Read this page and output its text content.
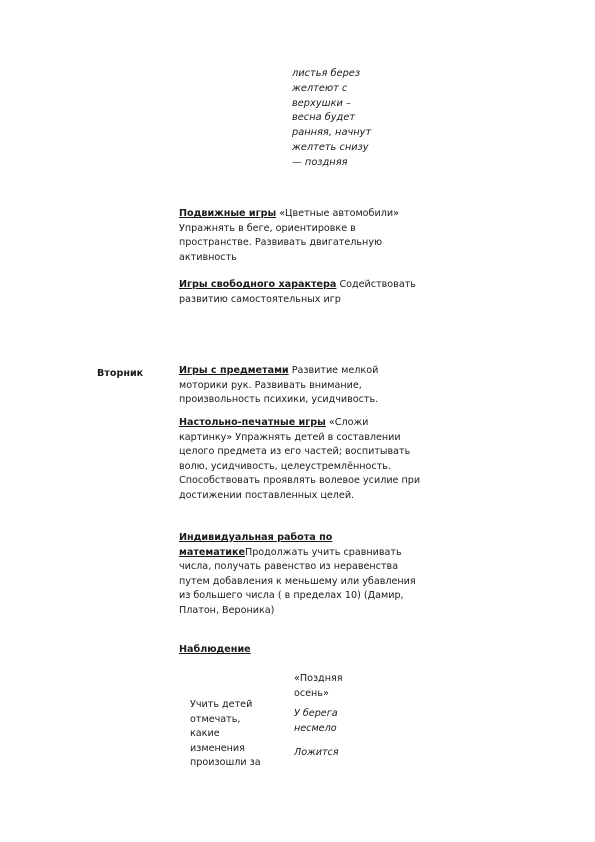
листья берез
желтеют с
верхушки –
весна будет
ранняя, начнут
желтеть снизу
— поздняя
Подвижные игры «Цветные автомобили» Упражнять в беге, ориентировке в пространстве. Развивать двигательную активность
Игры свободного характера Содействовать развитию самостоятельных игр
Вторник	Игры с предметами Развитие мелкой моторики рук. Развивать внимание, произвольность психики, усидчивость.
Настольно-печатные игры «Сложи картинку» Упражнять детей в составлении целого предмета из его частей; воспитывать волю, усидчивость, целеустремлённость. Способствовать проявлять волевое усилие при достижении поставленных целей.
Индивидуальная работа по математикеПродолжать учить сравнивать числа, получать равенство из неравенства путем добавления к меньшему или убавления из большего числа ( в пределах 10) (Дамир, Платон, Вероника)
Наблюдение
Учить детей
отмечать,
какие
изменения
произошли за
«Поздняя
осень»
У берега
несмело
Ложится
